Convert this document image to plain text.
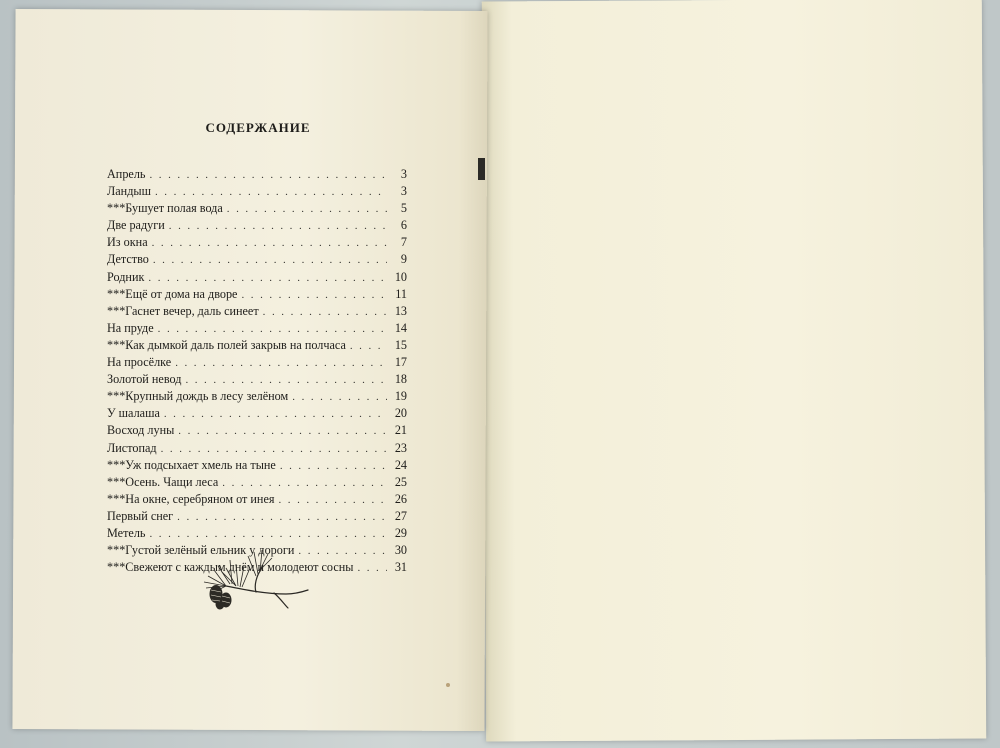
СОДЕРЖАНИЕ
Апрель . . .	3
Ландыш . . .	3
***Бушует полая вода . . .	5
Две радуги . . .	6
Из окна . . .	7
Детство . . .	9
Родник . . .	10
***Ещё от дома на дворе . . .	11
***Гаснет вечер, даль синеет . . .	13
На пруде . . .	14
***Как дымкой даль полей закрыв на полчаса . . .	15
На просёлке . . .	17
Золотой невод . . .	18
***Крупный дождь в лесу зелёном . . .	19
У шалаша . . .	20
Восход луны . . .	21
Листопад . . .	23
***Уж подсыхает хмель на тыне . . .	24
***Осень. Чащи леса . . .	25
***На окне, серебряном от инея . . .	26
Первый снег . . .	27
Метель . . .	29
***Густой зелёный ельник у дороги . . .	30
***Свежеют с каждым днём и молодеют сосны . . .	31
